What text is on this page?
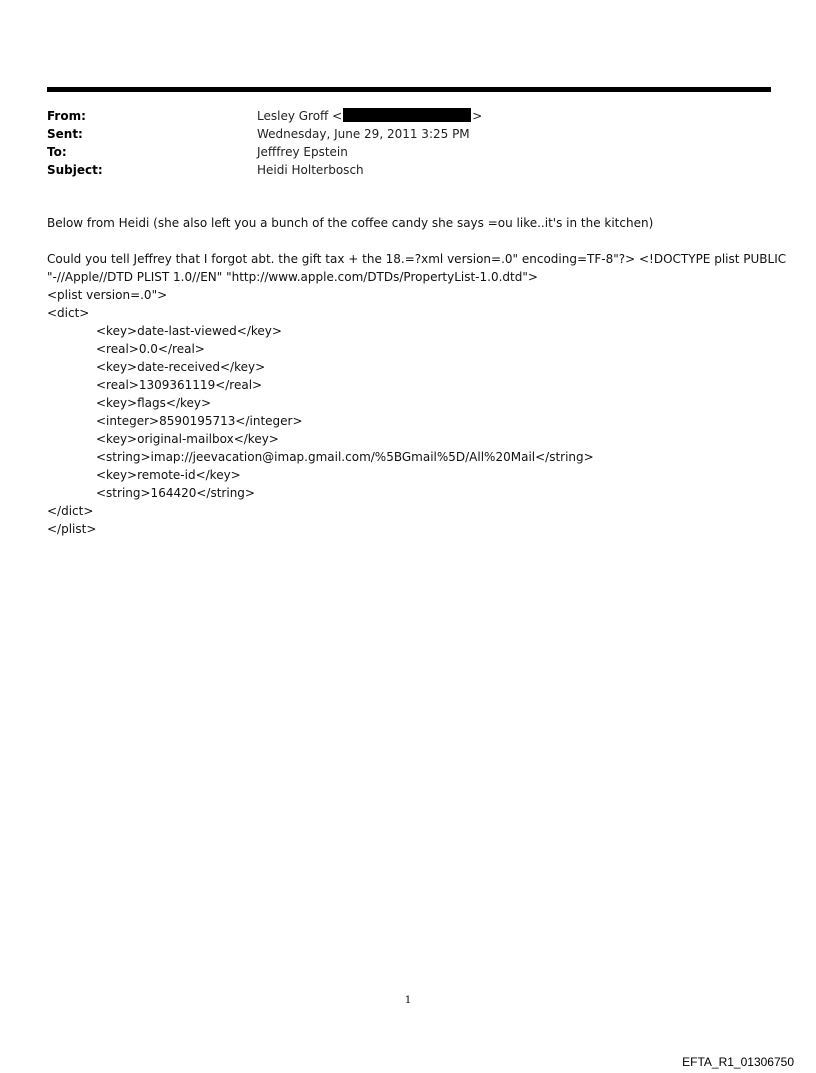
From:	Lesley Groff <	>
Sent:	Wednesday, June 29, 2011 3:25 PM
To:	Jefffrey Epstein
Subject:	Heidi Holterbosch

Below from Heidi (she also left you a bunch of the coffee candy she says =ou like..it's in the kitchen)

Could you tell Jeffrey that I forgot abt. the gift tax + the 18.=?xml version=.0" encoding=TF-8"?> <!DOCTYPE plist PUBLIC

"-//Apple//DTD PLIST 1.0//EN" "http://www.apple.com/DTDs/PropertyList-1.0.dtd">

<plist version=.0">

<dict>

<key>date-last-viewed</key>

<real>0.0</real>

<key>date-received</key>

<real>1309361119</real>

<key>flags</key>

<integer>8590195713</integer>

<key>original-mailbox</key>

<string>imap://jeevacation@imap.gmail.com/%5BGmail%5D/All%20Mail</string>

<key>remote-id</key>

<string>164420</string>

</dict>

</plist>

1
EFTA_R1_01306750
